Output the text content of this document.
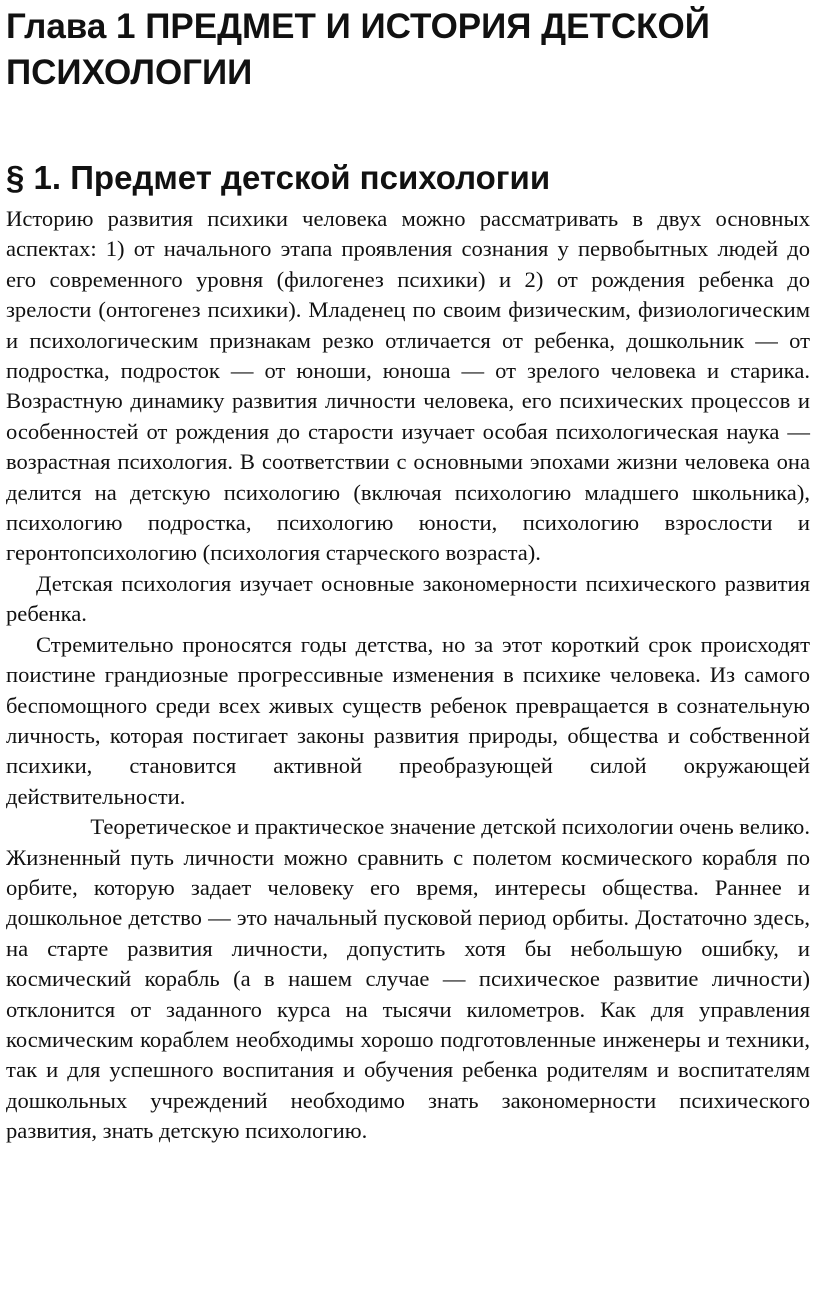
Глава 1 ПРЕДМЕТ И ИСТОРИЯ ДЕТСКОЙ ПСИХОЛОГИИ
§ 1. Предмет детской психологии

Историю развития психики человека можно рассматривать в двух основных аспектах: 1) от начального этапа проявления сознания у первобытных людей до его современного уровня (филогенез психики) и 2) от рождения ребенка до зрелости (онтогенез психики). Младенец по своим физическим, физиологическим и психологическим признакам резко отличается от ребенка, дошкольник — от подростка, подросток — от юноши, юноша — от зрелого человека и старика. Возрастную динамику развития личности человека, его психических процессов и особенностей от рождения до старости изучает особая психологическая наука — возрастная психология. В соответствии с основными эпохами жизни человека она делится на детскую психологию (включая психологию младшего школьника), психологию подростка, психологию юности, психологию взрослости и геронтопсихологию (психология старческого возраста).

Детская психология изучает основные закономерности психического развития ребенка.

Стремительно проносятся годы детства, но за этот короткий срок происходят поистине грандиозные прогрессивные изменения в психике человека. Из самого беспомощного среди всех живых существ ребенок превращается в сознательную личность, которая постигает законы развития природы, общества и собственной психики, становится активной преобразующей силой окружающей действительности.

Теоретическое и практическое значение детской психологии очень велико.

Жизненный путь личности можно сравнить с полетом космического корабля по орбите, которую задает человеку его время, интересы общества. Раннее и дошкольное детство — это начальный пусковой период орбиты. Достаточно здесь, на старте развития личности, допустить хотя бы небольшую ошибку, и космический корабль (а в нашем случае — психическое развитие личности) отклонится от заданного курса на тысячи километров. Как для управления космическим кораблем необходимы хорошо подготовленные инженеры и техники, так и для успешного воспитания и обучения ребенка родителям и воспитателям дошкольных учреждений необходимо знать закономерности психического развития, знать детскую психологию.
